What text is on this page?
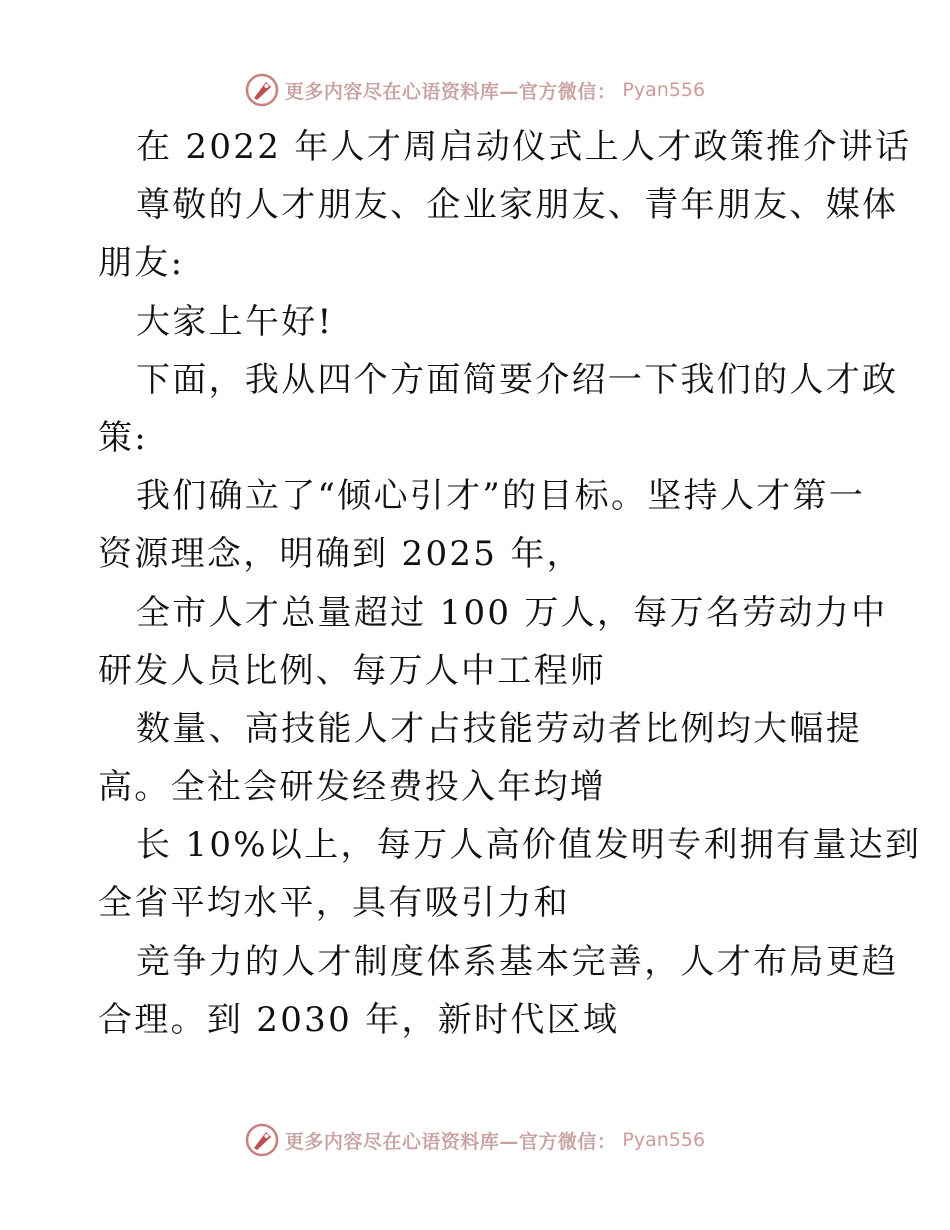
更多内容尽在心语资料库—官方微信： Pyan556
在 2022 年人才周启动仪式上人才政策推介讲话
尊敬的人才朋友、企业家朋友、青年朋友、媒体
朋友:
大家上午好!
下面，我从四个方面简要介绍一下我们的人才政
策:
我们确立了“倾心引才”的目标。坚持人才第一
资源理念，明确到 2025 年，
全市人才总量超过 100 万人，每万名劳动力中
研发人员比例、每万人中工程师
数量、高技能人才占技能劳动者比例均大幅提
高。全社会研发经费投入年均增
长 10%以上，每万人高价值发明专利拥有量达到
全省平均水平，具有吸引力和
竞争力的人才制度体系基本完善，人才布局更趋
合理。到 2030 年，新时代区域
更多内容尽在心语资料库—官方微信： Pyan556
